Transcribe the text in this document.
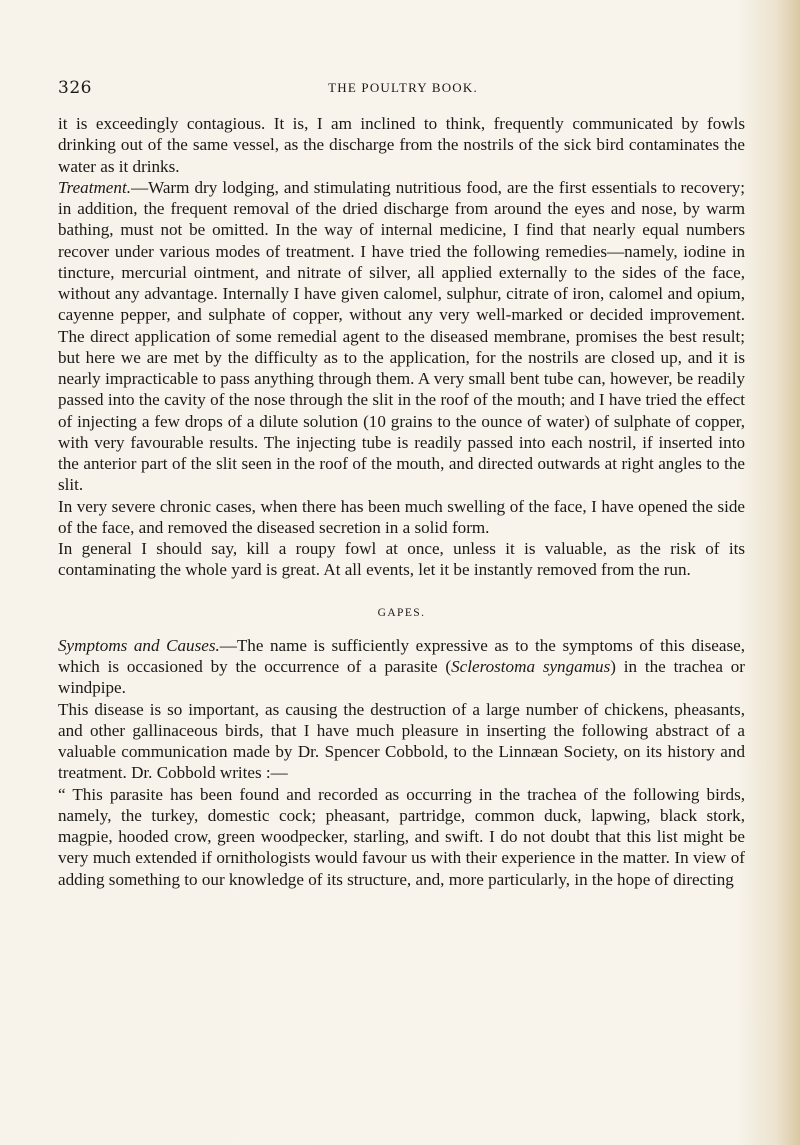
326	THE POULTRY BOOK.

it is exceedingly contagious. It is, I am inclined to think, frequently communicated by fowls drinking out of the same vessel, as the discharge from the nostrils of the sick bird contaminates the water as it drinks.

Treatment.—Warm dry lodging, and stimulating nutritious food, are the first essentials to recovery; in addition, the frequent removal of the dried discharge from around the eyes and nose, by warm bathing, must not be omitted. In the way of internal medicine, I find that nearly equal numbers recover under various modes of treatment. I have tried the following remedies—namely, iodine in tincture, mercurial ointment, and nitrate of silver, all applied externally to the sides of the face, without any advantage. Internally I have given calomel, sulphur, citrate of iron, calomel and opium, cayenne pepper, and sulphate of copper, without any very well-marked or decided improvement. The direct application of some remedial agent to the diseased membrane, promises the best result; but here we are met by the difficulty as to the application, for the nostrils are closed up, and it is nearly impracticable to pass anything through them. A very small bent tube can, however, be readily passed into the cavity of the nose through the slit in the roof of the mouth; and I have tried the effect of injecting a few drops of a dilute solution (10 grains to the ounce of water) of sulphate of copper, with very favourable results. The injecting tube is readily passed into each nostril, if inserted into the anterior part of the slit seen in the roof of the mouth, and directed outwards at right angles to the slit.

In very severe chronic cases, when there has been much swelling of the face, I have opened the side of the face, and removed the diseased secretion in a solid form.

In general I should say, kill a roupy fowl at once, unless it is valuable, as the risk of its contaminating the whole yard is great. At all events, let it be instantly removed from the run.

GAPES.

Symptoms and Causes.—The name is sufficiently expressive as to the symptoms of this disease, which is occasioned by the occurrence of a parasite (Sclerostoma syngamus) in the trachea or windpipe.

This disease is so important, as causing the destruction of a large number of chickens, pheasants, and other gallinaceous birds, that I have much pleasure in inserting the following abstract of a valuable communication made by Dr. Spencer Cobbold, to the Linnæan Society, on its history and treatment. Dr. Cobbold writes :—

“ This parasite has been found and recorded as occurring in the trachea of the following birds, namely, the turkey, domestic cock; pheasant, partridge, common duck, lapwing, black stork, magpie, hooded crow, green woodpecker, starling, and swift. I do not doubt that this list might be very much extended if ornithologists would favour us with their experience in the matter. In view of adding something to our knowledge of its structure, and, more particularly, in the hope of directing
